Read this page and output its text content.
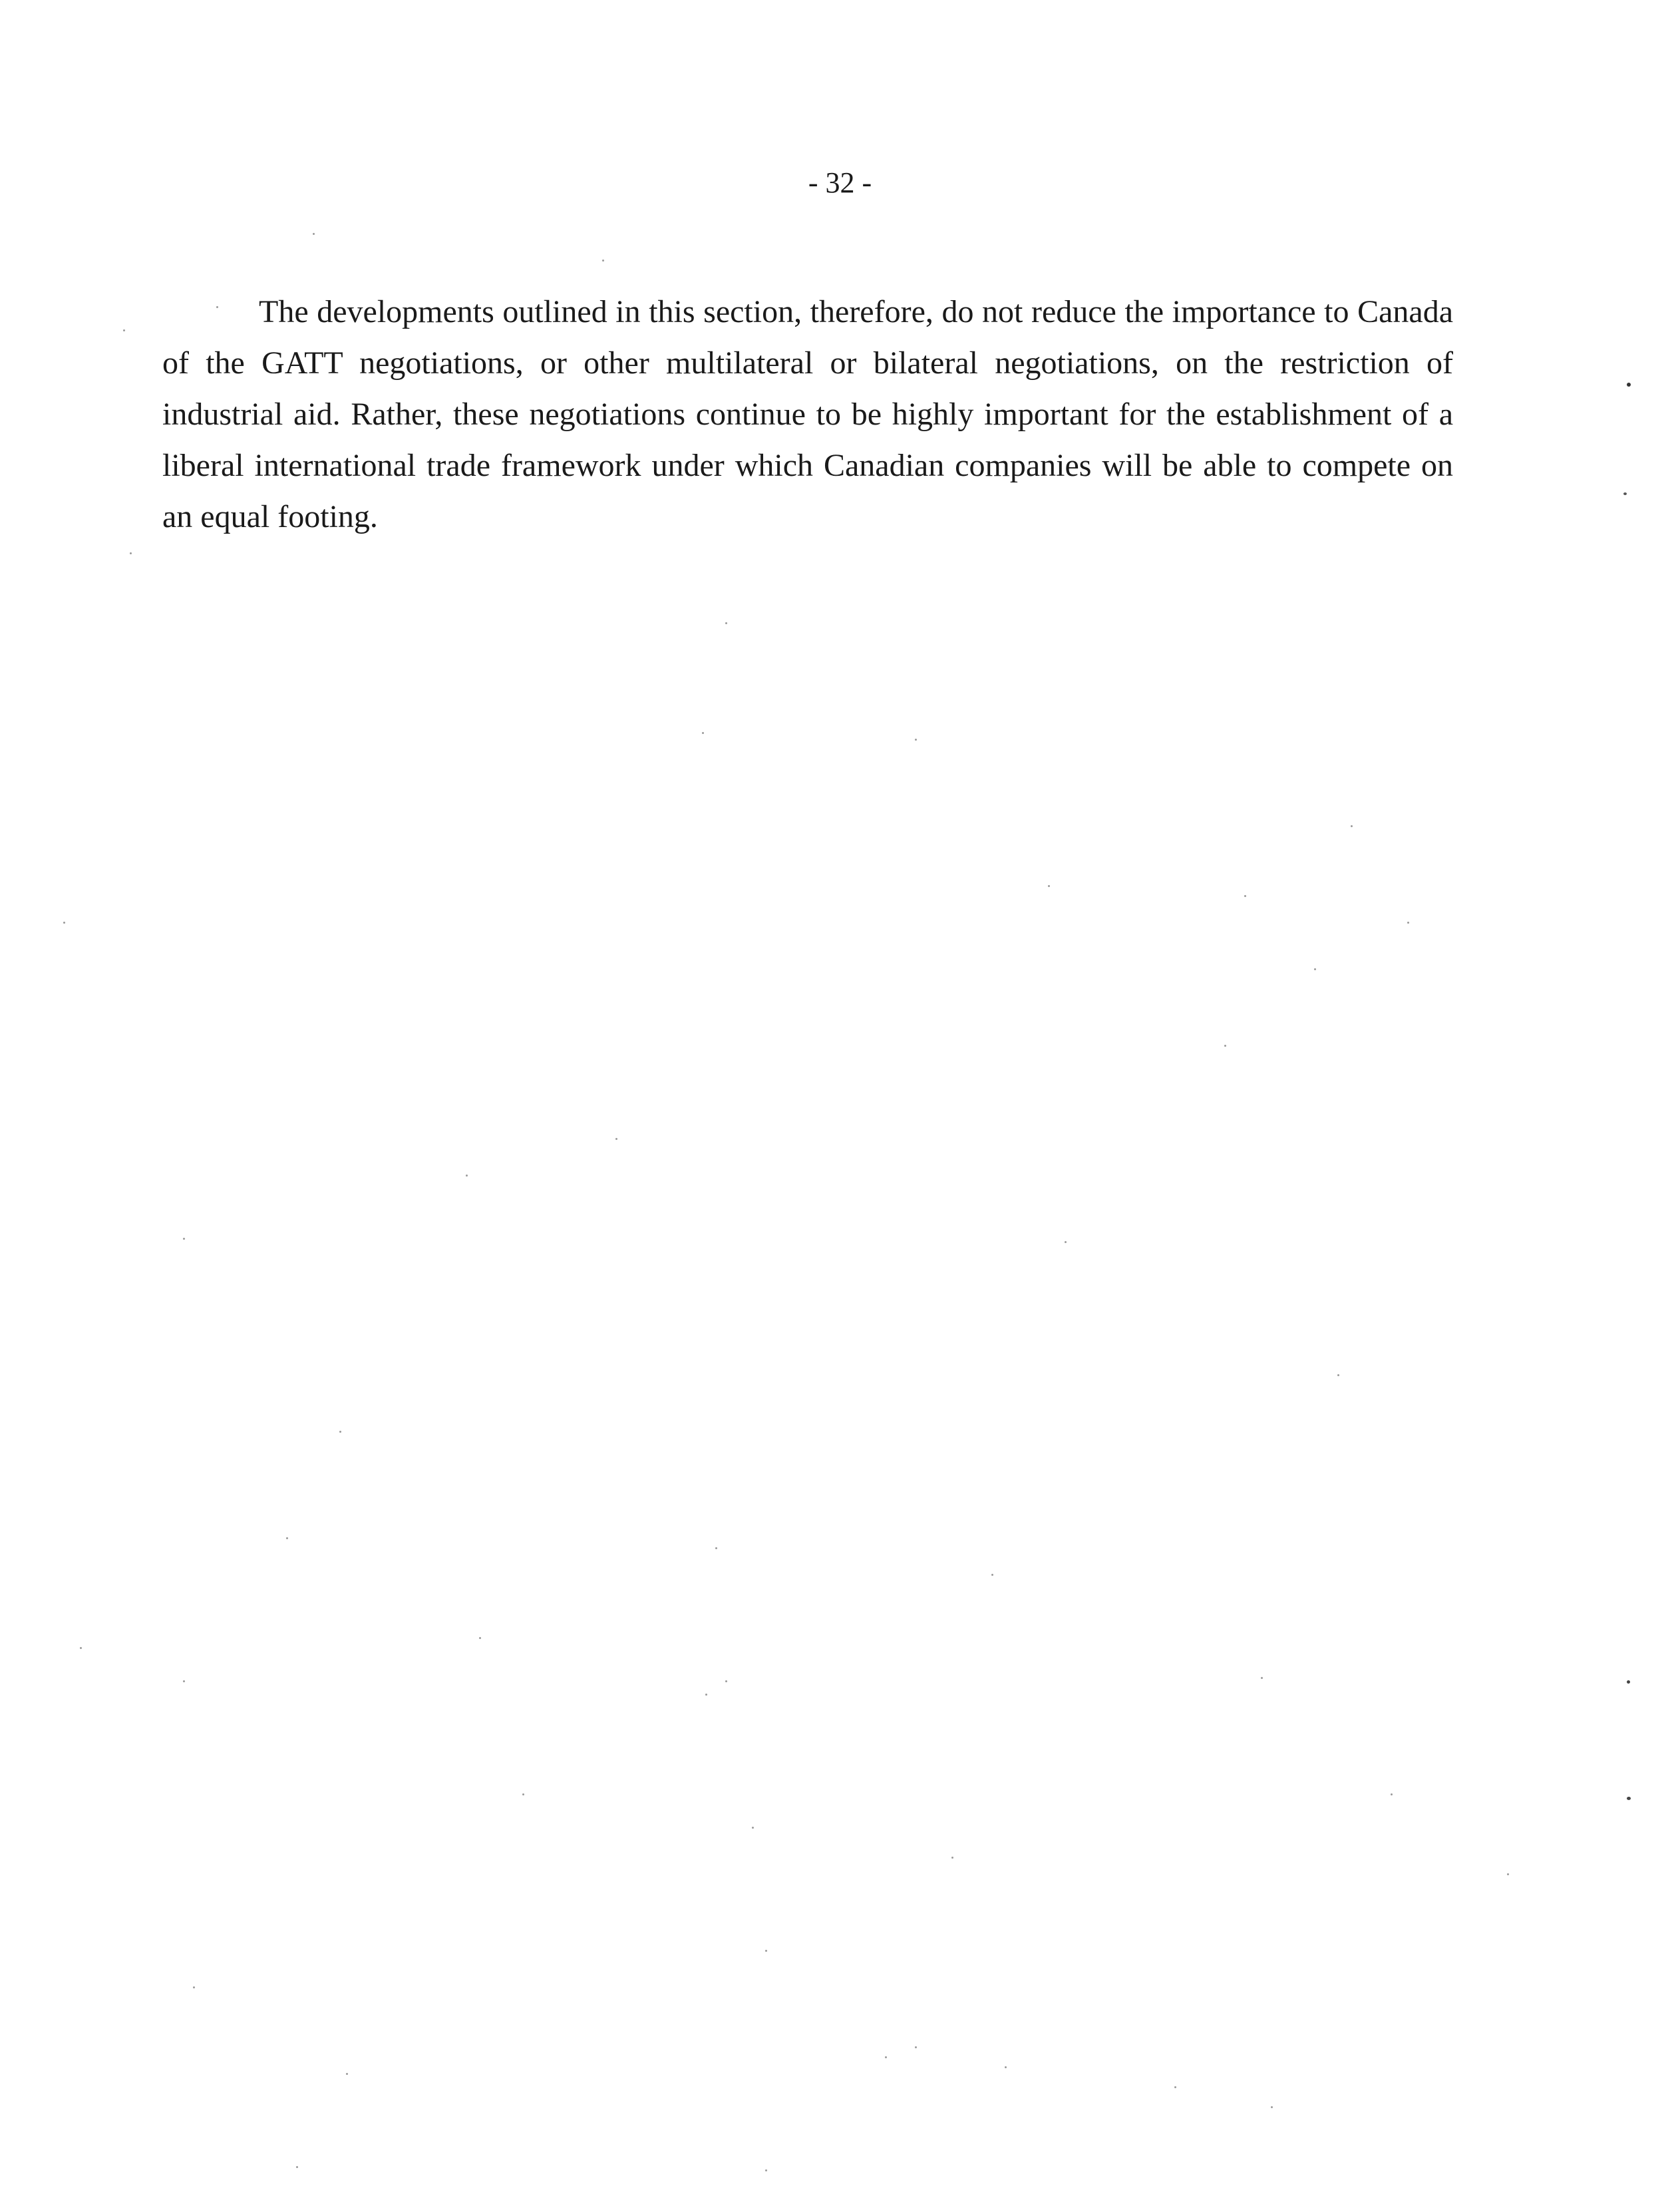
- 32 -

The developments outlined in this section, therefore, do not reduce the importance to Canada of the GATT negotiations, or other multilateral or bilateral negotiations, on the restriction of industrial aid. Rather, these negotiations continue to be highly important for the establishment of a liberal international trade framework under which Canadian companies will be able to compete on an equal footing.
